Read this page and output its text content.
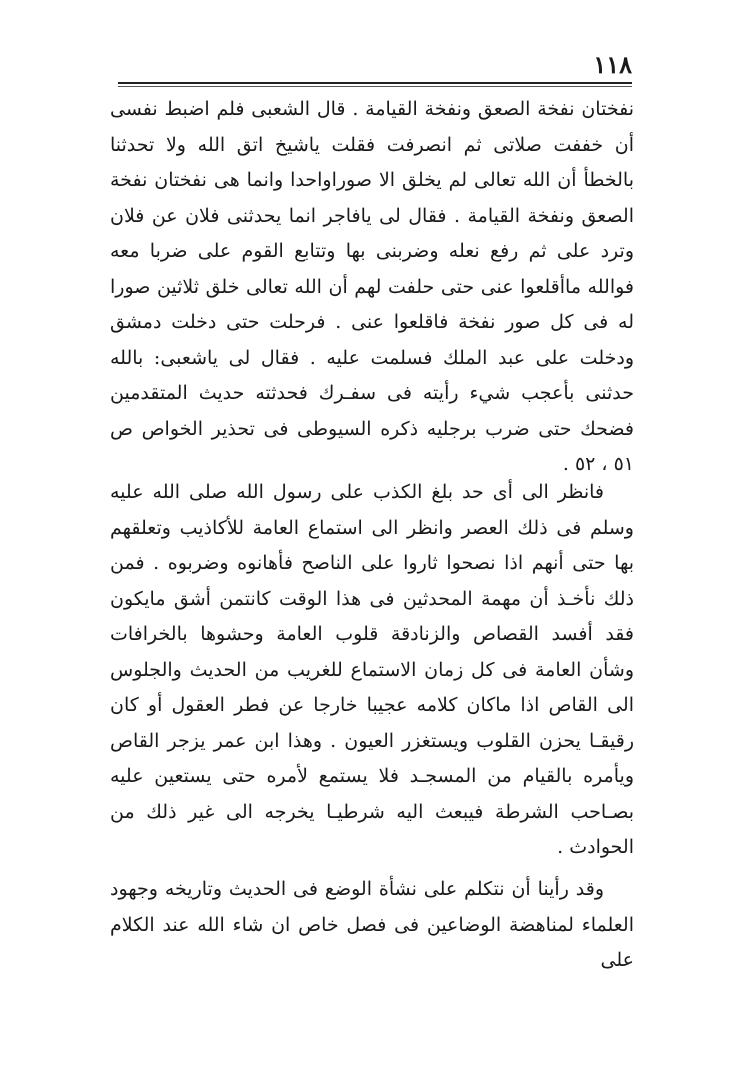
١١٨

نفختان نفخة الصعق ونفخة القيامة . قال الشعبى فلم اضبط نفسى أن خففت صلاتى ثم انصرفت فقلت ياشيخ اتق الله ولا تحدثنا بالخطأ أن الله تعالى لم يخلق الا صوراواحدا وانما هى نفختان نفخة الصعق ونفخة القيامة . فقال لى يافاجر انما يحدثنى فلان عن فلان وترد على ثم رفع نعله وضربنى بها وتتابع القوم على ضربا معه فوالله ماأقلعوا عنى حتى حلفت لهم أن الله تعالى خلق ثلاثين صورا له فى كل صور نفخة فاقلعوا عنى . فرحلت حتى دخلت دمشق ودخلت على عبد الملك فسلمت عليه . فقال لى ياشعبى: بالله حدثنى بأعجب شيء رأيته فى سفـرك فحدثته حديث المتقدمين فضحك حتى ضرب برجليه ذكره السيوطى فى تحذير الخواص ص ٥١ ، ٥٢ .

فانظر الى أى حد بلغ الكذب على رسول الله صلى الله عليه وسلم فى ذلك العصر وانظر الى استماع العامة للأكاذيب وتعلقهم بها حتى أنهم اذا نصحوا ثاروا على الناصح فأهانوه وضربوه . فمن ذلك نأخـذ أن مهمة المحدثين فى هذا الوقت كانتمن أشق مايكون فقد أفسد القصاص والزنادقة قلوب العامة وحشوها بالخرافات وشأن العامة فى كل زمان الاستماع للغريب من الحديث والجلوس الى القاص اذا ماكان كلامه عجيبا خارجا عن فطر العقول أو كان رقيقـا يحزن القلوب ويستغزر العيون . وهذا ابن عمر يزجر القاص ويأمره بالقيام من المسجـد فلا يستمع لأمره حتى يستعين عليه بصـاحب الشرطة فيبعث اليه شرطيـا يخرجه الى غير ذلك من الحوادث .

وقد رأينا أن نتكلم على نشأة الوضع فى الحديث وتاريخه وجهود العلماء لمناهضة الوضاعين فى فصل خاص ان شاء الله عند الكلام على
